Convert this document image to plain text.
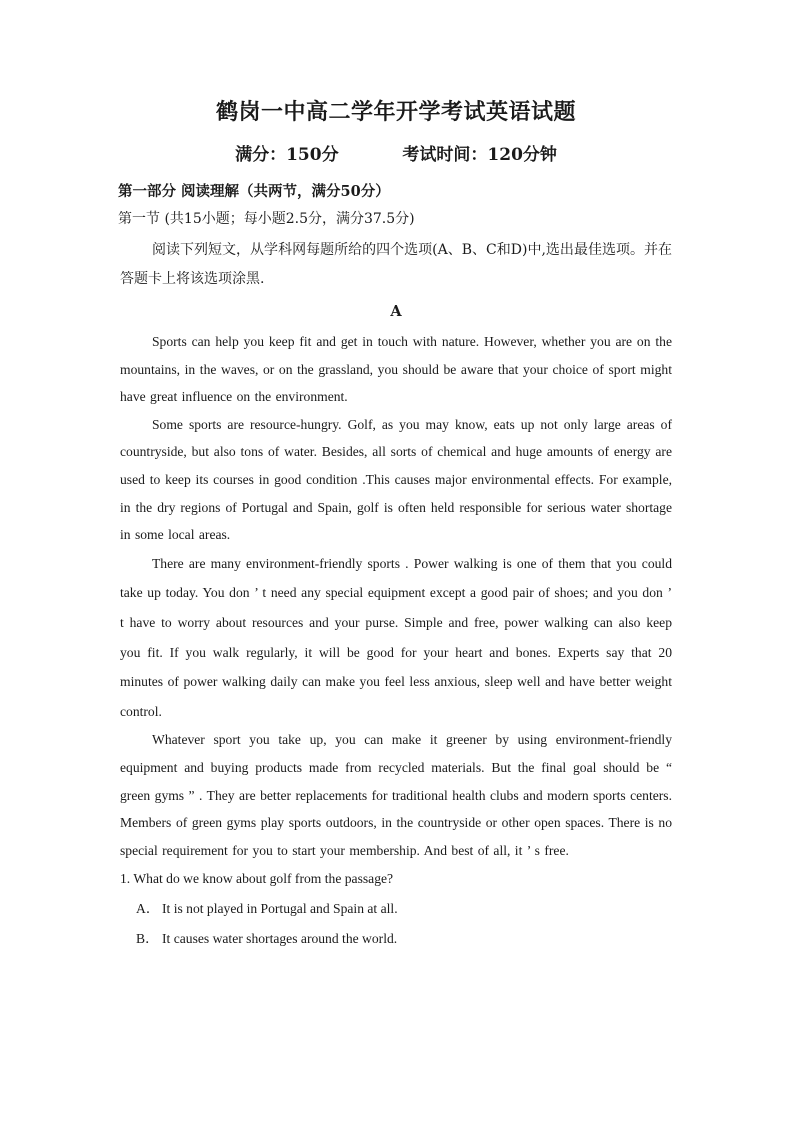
鹤岗一中高二学年开学考试英语试题
满分：150分	考试时间：120分钟
第一部分 阅读理解（共两节，满分50分）
第一节 (共15小题；每小题2.5分，满分37.5分)
阅读下列短文，从学科网每题所给的四个选项(A、B、C和D)中,选出最佳选项。并在答题卡上将该选项涂黑.
A

Sports can help you keep fit and get in touch with nature. However, whether you are on the mountains, in the waves, or on the grassland, you should be aware that your choice of sport might have great influence on the environment.

Some sports are resource-hungry. Golf, as you may know, eats up not only large areas of countryside, but also tons of water. Besides, all sorts of chemical and huge amounts of energy are used to keep its courses in good condition .This causes major environmental effects. For example, in the dry regions of Portugal and Spain, golf is often held responsible for serious water shortage in some local areas.

There are many environment-friendly sports . Power walking is one of them that you could take up today. You don ’ t need any special equipment except a good pair of shoes; and you don ’ t have to worry about resources and your purse. Simple and free, power walking can also keep you fit. If you walk regularly, it will be good for your heart and bones. Experts say that 20 minutes of power walking daily can make you feel less anxious, sleep well and have better weight control.

Whatever sport you take up, you can make it greener by using environment-friendly equipment and buying products made from recycled materials. But the final goal should be “ green gyms ” . They are better replacements for traditional health clubs and modern sports centers. Members of green gyms play sports outdoors, in the countryside or other open spaces. There is no special requirement for you to start your membership. And best of all, it ’ s free.

1. What do we know about golf from the passage?
A． It is not played in Portugal and Spain at all.
B． It causes water shortages around the world.
